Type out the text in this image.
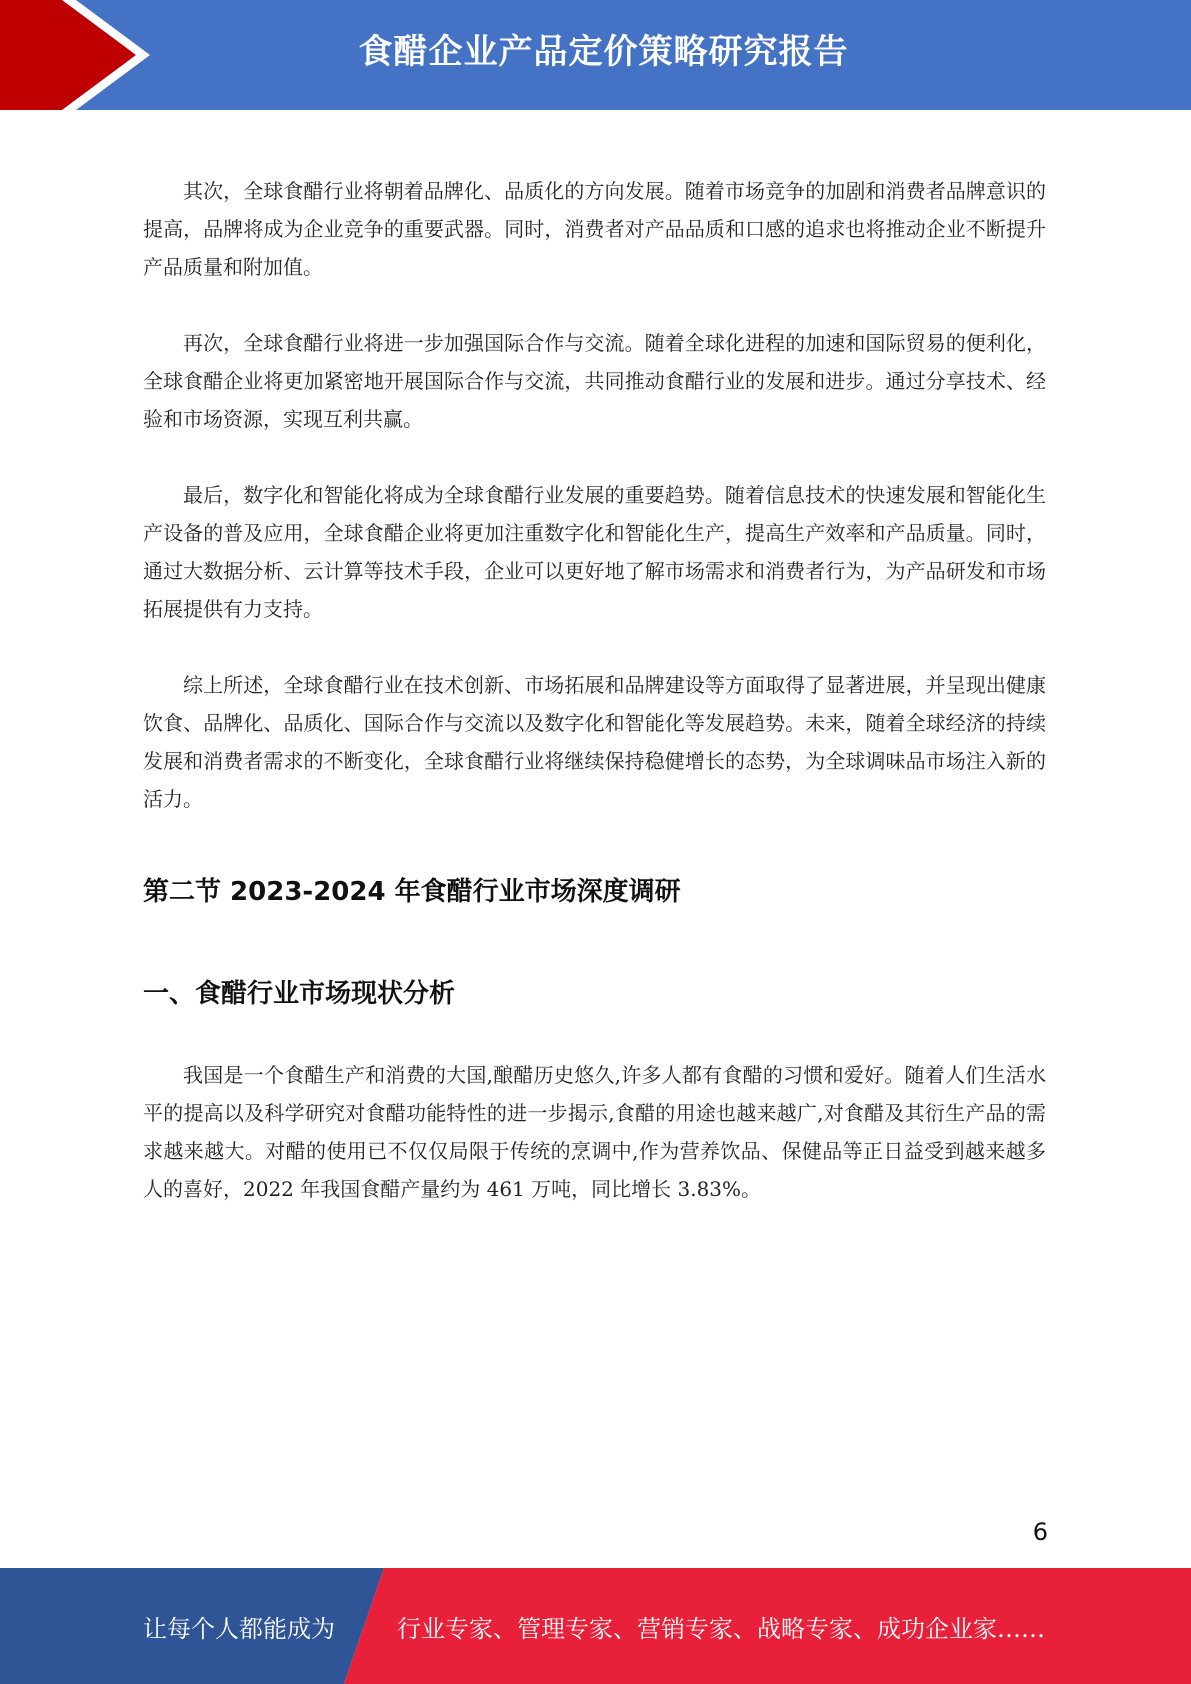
食醋企业产品定价策略研究报告

其次，全球食醋行业将朝着品牌化、品质化的方向发展。随着市场竞争的加剧和消费者品牌意识的提高，品牌将成为企业竞争的重要武器。同时，消费者对产品品质和口感的追求也将推动企业不断提升产品质量和附加值。

再次，全球食醋行业将进一步加强国际合作与交流。随着全球化进程的加速和国际贸易的便利化，全球食醋企业将更加紧密地开展国际合作与交流，共同推动食醋行业的发展和进步。通过分享技术、经验和市场资源，实现互利共赢。

最后，数字化和智能化将成为全球食醋行业发展的重要趋势。随着信息技术的快速发展和智能化生产设备的普及应用，全球食醋企业将更加注重数字化和智能化生产，提高生产效率和产品质量。同时，通过大数据分析、云计算等技术手段，企业可以更好地了解市场需求和消费者行为，为产品研发和市场拓展提供有力支持。

综上所述，全球食醋行业在技术创新、市场拓展和品牌建设等方面取得了显著进展，并呈现出健康饮食、品牌化、品质化、国际合作与交流以及数字化和智能化等发展趋势。未来，随着全球经济的持续发展和消费者需求的不断变化，全球食醋行业将继续保持稳健增长的态势，为全球调味品市场注入新的活力。

第二节 2023-2024 年食醋行业市场深度调研
一、食醋行业市场现状分析

我国是一个食醋生产和消费的大国,酿醋历史悠久,许多人都有食醋的习惯和爱好。随着人们生活水平的提高以及科学研究对食醋功能特性的进一步揭示,食醋的用途也越来越广,对食醋及其衍生产品的需求越来越大。对醋的使用已不仅仅局限于传统的烹调中,作为营养饮品、保健品等正日益受到越来越多人的喜好，2022 年我国食醋产量约为 461 万吨，同比增长 3.83%。

6
让每个人都能成为	行业专家、管理专家、营销专家、战略专家、成功企业家……
